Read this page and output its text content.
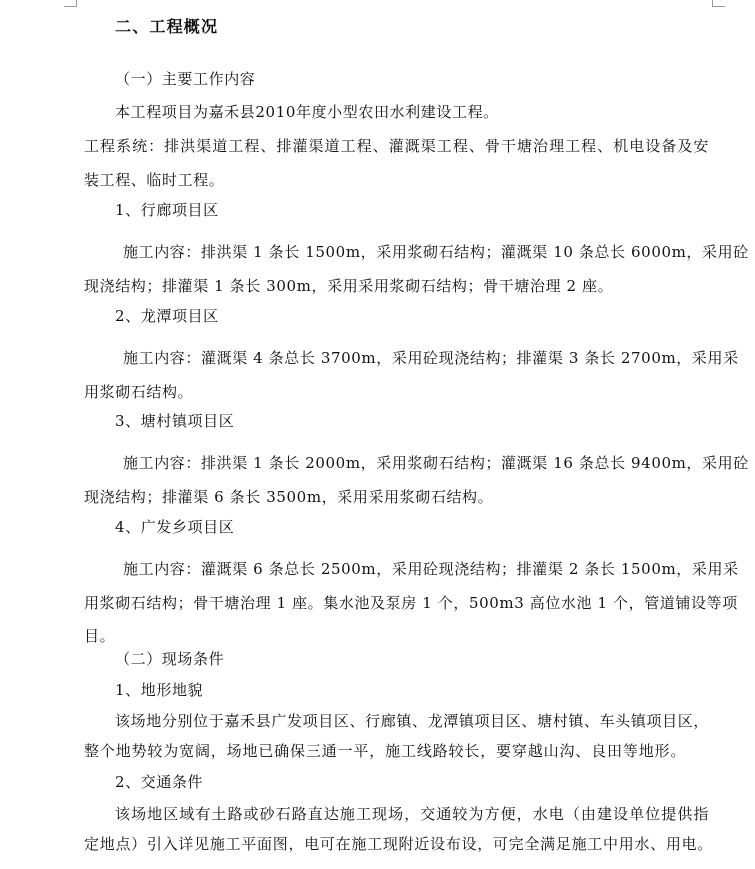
二、工程概况
（一）主要工作内容
本工程项目为嘉禾县2010年度小型农田水利建设工程。
工程系统：排洪渠道工程、排灌渠道工程、灌溉渠工程、骨干塘治理工程、机电设备及安
装工程、临时工程。
1、行廊项目区
施工内容：排洪渠 1 条长 1500m，采用浆砌石结构；灌溉渠 10 条总长 6000m，采用砼
现浇结构；排灌渠 1 条长 300m，采用采用浆砌石结构；骨干塘治理 2 座。
2、龙潭项目区
施工内容：灌溉渠 4 条总长 3700m，采用砼现浇结构；排灌渠 3 条长 2700m，采用采
用浆砌石结构。
3、塘村镇项目区
施工内容：排洪渠 1 条长 2000m，采用浆砌石结构；灌溉渠 16 条总长 9400m，采用砼
现浇结构；排灌渠 6 条长 3500m，采用采用浆砌石结构。
4、广发乡项目区
施工内容：灌溉渠 6 条总长 2500m，采用砼现浇结构；排灌渠 2 条长 1500m，采用采
用浆砌石结构；骨干塘治理 1 座。集水池及泵房 1 个，500m3 高位水池 1 个，管道铺设等项
目。
（二）现场条件
1、地形地貌
该场地分别位于嘉禾县广发项目区、行廊镇、龙潭镇项目区、塘村镇、车头镇项目区，
整个地势较为宽阔，场地已确保三通一平，施工线路较长，要穿越山沟、良田等地形。
2、交通条件
该场地区域有土路或砂石路直达施工现场，交通较为方便，水电（由建设单位提供指
定地点）引入详见施工平面图，电可在施工现附近设布设，可完全满足施工中用水、用电。
